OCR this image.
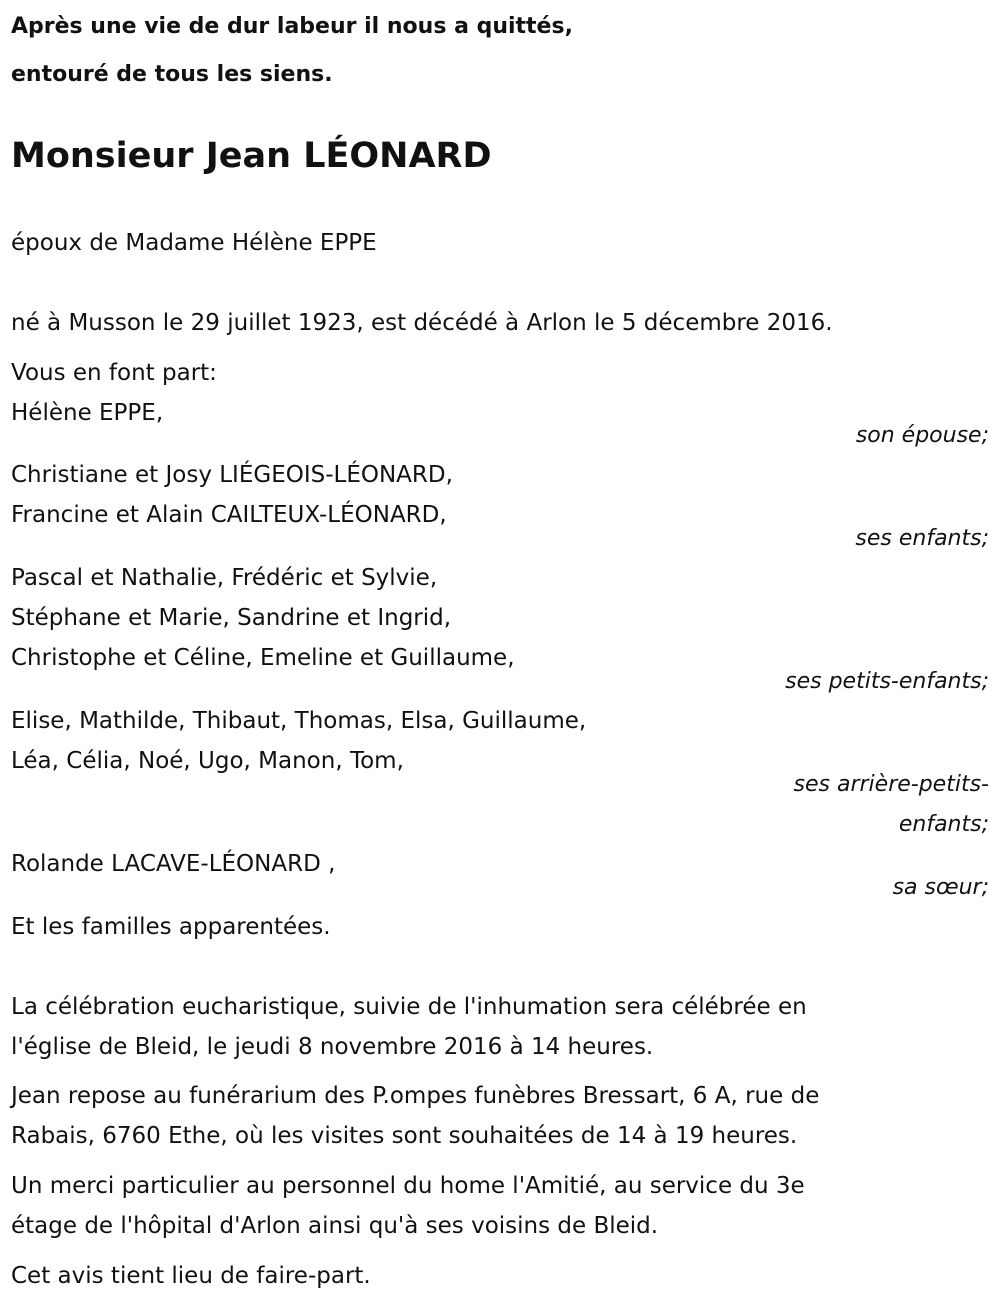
Après une vie de dur labeur il nous a quittés,
entouré de tous les siens.
Monsieur Jean LÉONARD
époux de Madame Hélène EPPE
né à Musson le 29 juillet 1923, est décédé à Arlon le 5 décembre 2016.
Vous en font part:
Hélène EPPE,
son épouse;
Christiane et Josy LIÉGEOIS-LÉONARD,
Francine et Alain CAILTEUX-LÉONARD,
ses enfants;
Pascal et Nathalie, Frédéric et Sylvie,
Stéphane et Marie, Sandrine et Ingrid,
Christophe et Céline, Emeline et Guillaume,
ses petits-enfants;
Elise, Mathilde, Thibaut, Thomas, Elsa, Guillaume,
Léa, Célia, Noé, Ugo, Manon, Tom,
ses arrière-petits-
enfants;
Rolande LACAVE-LÉONARD ,
sa sœur;
Et les familles apparentées.
La célébration eucharistique, suivie de l'inhumation sera célébrée en
l'église de Bleid, le jeudi 8 novembre 2016 à 14 heures.
Jean repose au funérarium des P.ompes funèbres Bressart, 6 A, rue de
Rabais, 6760 Ethe, où les visites sont souhaitées de 14 à 19 heures.
Un merci particulier au personnel du home l'Amitié, au service du 3e
étage de l'hôpital d'Arlon ainsi qu'à ses voisins de Bleid.
Cet avis tient lieu de faire-part.
